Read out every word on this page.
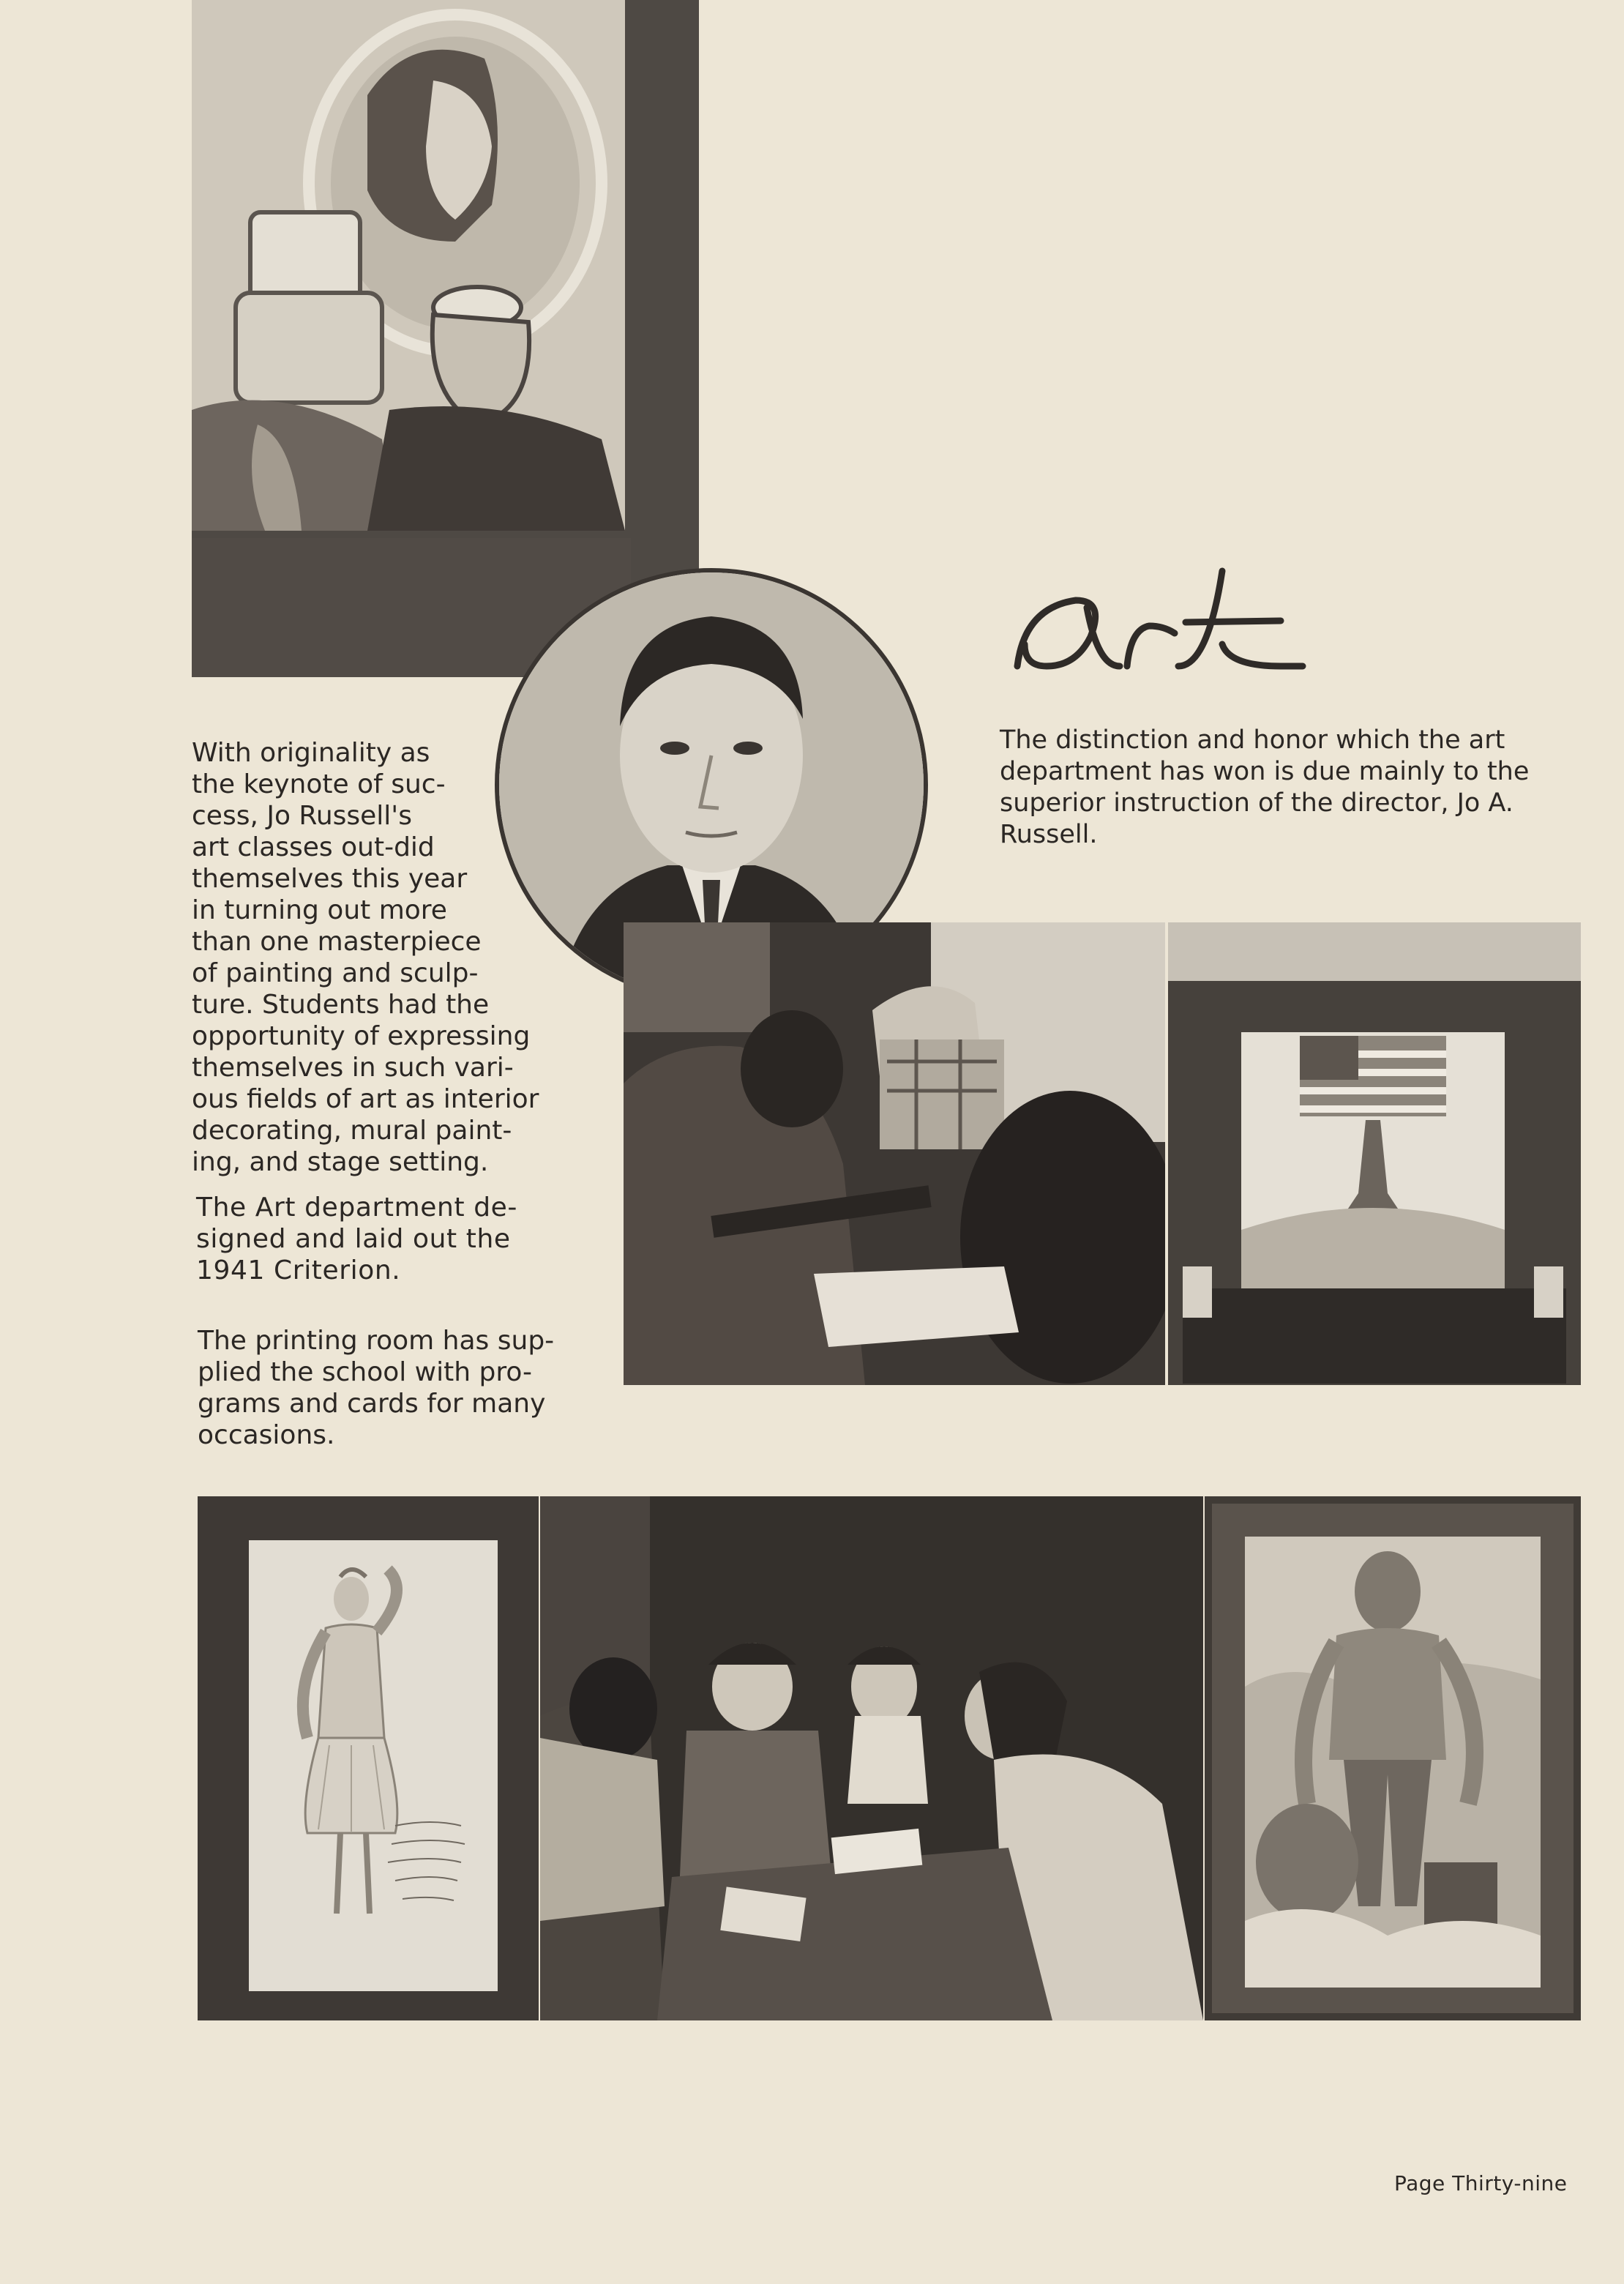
With originality as
the keynote of suc-
cess, Jo Russell's
art classes out-did
themselves this year
in turning out more
than one masterpiece
of painting and sculp-
ture. Students had the
opportunity of expressing
themselves in such vari-
ous fields of art as interior
decorating, mural paint-
ing, and stage setting.

The Art department de-
signed and laid out the
1941 Criterion.

The printing room has sup-
plied the school with pro-
grams and cards for many
occasions.

The distinction and honor which the art
department has won is due mainly to the
superior instruction of the director, Jo A.
Russell.

Page Thirty-nine
